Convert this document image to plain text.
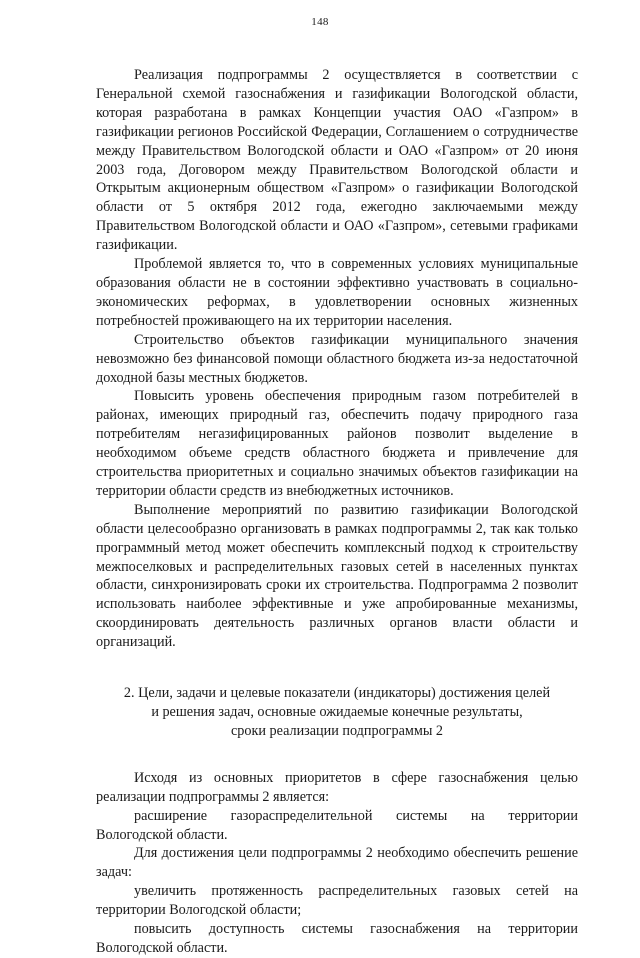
148

Реализация подпрограммы 2 осуществляется в соответствии с Генеральной схемой газоснабжения и газификации Вологодской области, которая разработана в рамках Концепции участия ОАО «Газпром» в газификации регионов Российской Федерации, Соглашением о сотрудничестве между Правительством Вологодской области и ОАО «Газпром» от 20 июня 2003 года, Договором между Правительством Вологодской области и Открытым акционерным обществом «Газпром» о газификации Вологодской области от 5 октября 2012 года, ежегодно заключаемыми между Правительством Вологодской области и ОАО «Газпром», сетевыми графиками газификации.

Проблемой является то, что в современных условиях муниципальные образования области не в состоянии эффективно участвовать в социально-экономических реформах, в удовлетворении основных жизненных потребностей проживающего на их территории населения.

Строительство объектов газификации муниципального значения невозможно без финансовой помощи областного бюджета из-за недостаточной доходной базы местных бюджетов.

Повысить уровень обеспечения природным газом потребителей в районах, имеющих природный газ, обеспечить подачу природного газа потребителям негазифицированных районов позволит выделение в необходимом объеме средств областного бюджета и привлечение для строительства приоритетных и социально значимых объектов газификации на территории области средств из внебюджетных источников.

Выполнение мероприятий по развитию газификации Вологодской области целесообразно организовать в рамках подпрограммы 2, так как только программный метод может обеспечить комплексный подход к строительству межпоселковых и распределительных газовых сетей в населенных пунктах области, синхронизировать сроки их строительства. Подпрограмма 2 позволит использовать наиболее эффективные и уже апробированные механизмы, скоординировать деятельность различных органов власти области и организаций.

2. Цели, задачи и целевые показатели (индикаторы) достижения целей
и решения задач, основные ожидаемые конечные результаты,
сроки реализации подпрограммы 2

Исходя из основных приоритетов в сфере газоснабжения целью реализации подпрограммы 2 является:

расширение газораспределительной системы на территории Вологодской области.

Для достижения цели подпрограммы 2 необходимо обеспечить решение задач:

увеличить протяженность распределительных газовых сетей на территории Вологодской области;

повысить доступность системы газоснабжения на территории Вологодской области.
